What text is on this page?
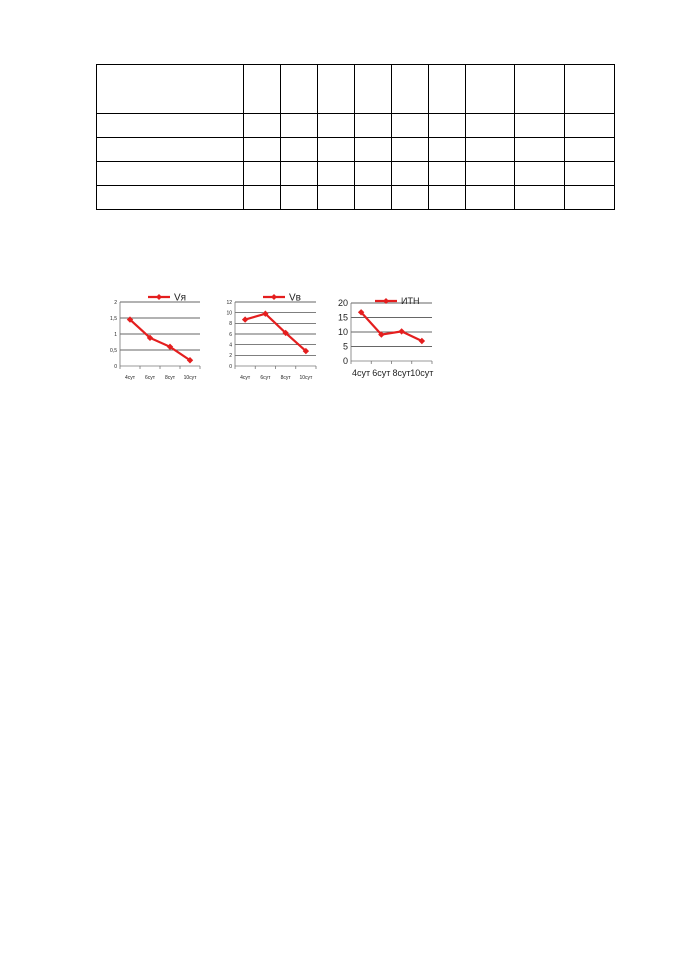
0
0,5
1
1,5
2
4сут 6сут 8сут 10сут
Vя
0
2
4
6
8
10
12
4сут 6сут 8сут 10сут
Vв
0
5
10
15
20
4сут 6сут 8сут 10сут
ИТН
